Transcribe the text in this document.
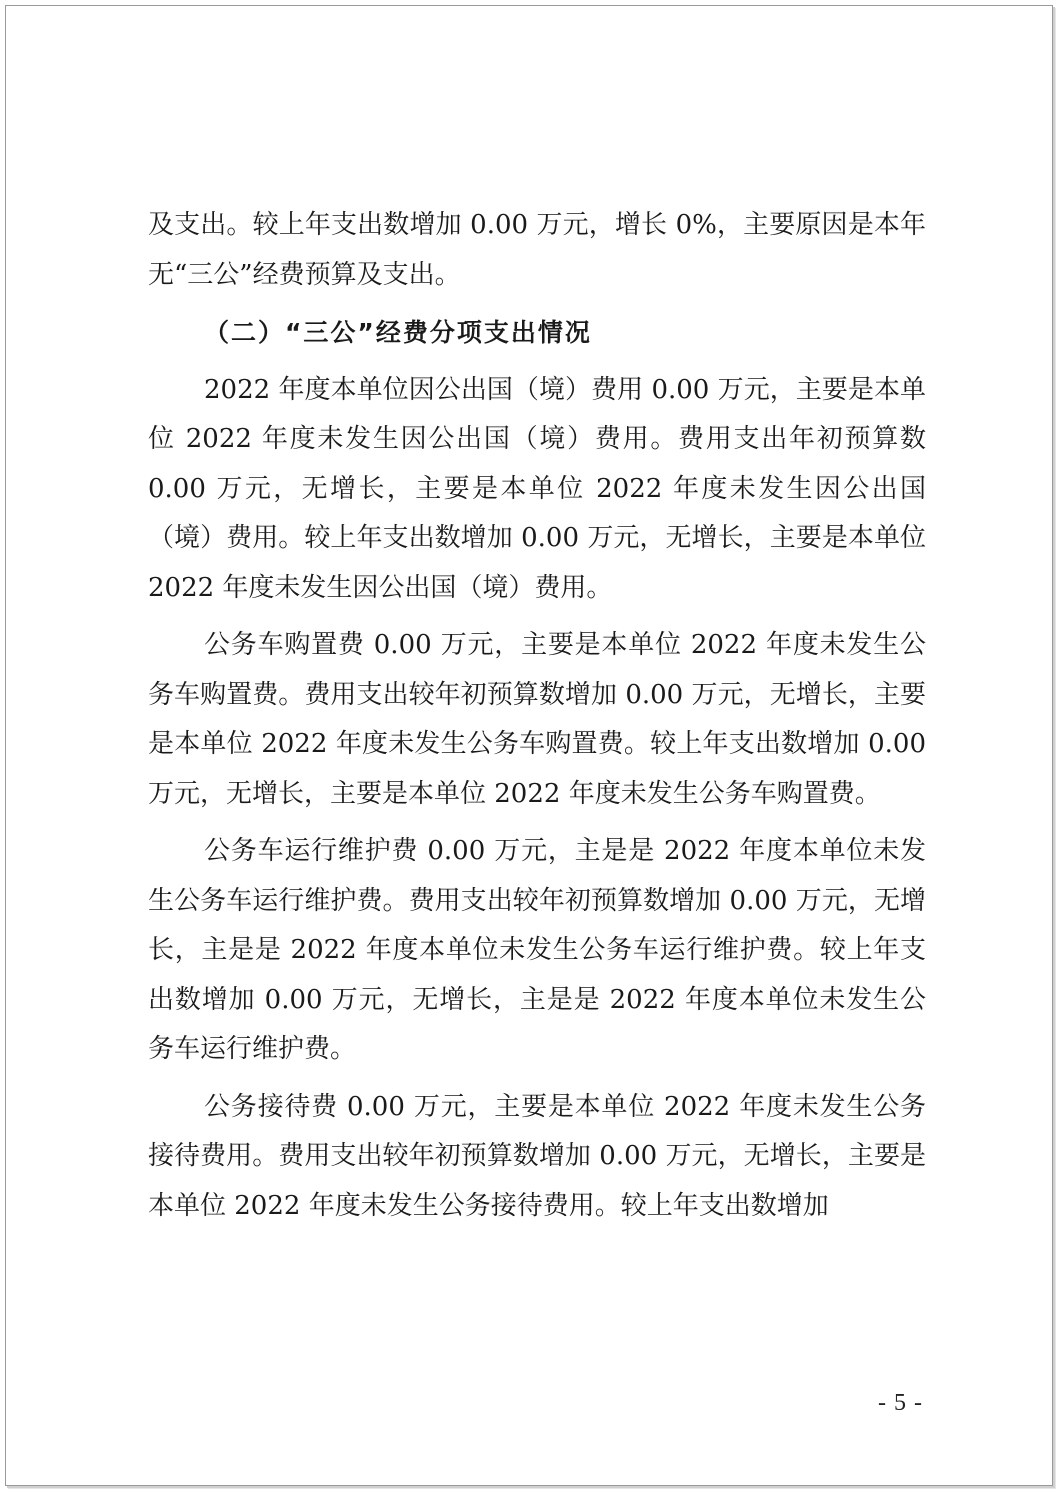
及支出。较上年支出数增加 0.00 万元，增长 0%，主要原因是本年无“三公”经费预算及支出。

（二）“三公”经费分项支出情况

2022 年度本单位因公出国（境）费用 0.00 万元，主要是本单位 2022 年度未发生因公出国（境）费用。费用支出年初预算数 0.00 万元，无增长，主要是本单位 2022 年度未发生因公出国（境）费用。较上年支出数增加 0.00 万元，无增长，主要是本单位 2022 年度未发生因公出国（境）费用。

公务车购置费 0.00 万元，主要是本单位 2022 年度未发生公务车购置费。费用支出较年初预算数增加 0.00 万元，无增长，主要是本单位 2022 年度未发生公务车购置费。较上年支出数增加 0.00 万元，无增长，主要是本单位 2022 年度未发生公务车购置费。

公务车运行维护费 0.00 万元，主是是 2022 年度本单位未发生公务车运行维护费。费用支出较年初预算数增加 0.00 万元，无增长，主是是 2022 年度本单位未发生公务车运行维护费。较上年支出数增加 0.00 万元，无增长，主是是 2022 年度本单位未发生公务车运行维护费。

公务接待费 0.00 万元，主要是本单位 2022 年度未发生公务接待费用。费用支出较年初预算数增加 0.00 万元，无增长，主要是本单位 2022 年度未发生公务接待费用。较上年支出数增加

- 5 -
